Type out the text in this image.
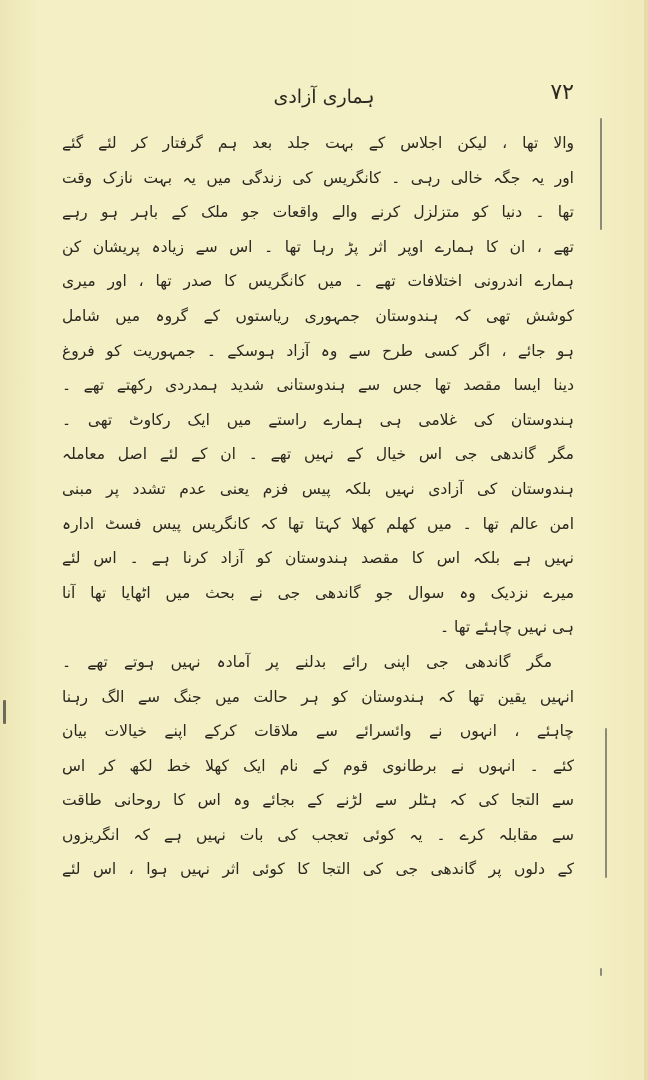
ہماری آزادی	۷۲
والا تھا ، لیکن اجلاس کے بہت جلد بعد ہم گرفتار کر لئے گئے
اور یہ جگہ خالی رہی ۔ کانگریس کی زندگی میں یہ بہت نازک وقت
تھا ۔ دنیا کو متزلزل کرنے والے واقعات جو ملک کے باہر ہو رہے
تھے ، ان کا ہمارے اوپر اثر پڑ رہا تھا ۔ اس سے زیادہ پریشان کن
ہمارے اندرونی اختلافات تھے ۔ میں کانگریس کا صدر تھا ، اور میری
کوشش تھی کہ ہندوستان جمہوری ریاستوں کے گروہ میں شامل
ہو جائے ، اگر کسی طرح سے وہ آزاد ہوسکے ۔ جمہوریت کو فروغ
دینا ایسا مقصد تھا جس سے ہندوستانی شدید ہمدردی رکھتے تھے ۔
ہندوستان کی غلامی ہی ہمارے راستے میں ایک رکاوٹ تھی ۔
مگر گاندھی جی اس خیال کے نہیں تھے ۔ ان کے لئے اصل معاملہ
ہندوستان کی آزادی نہیں بلکہ پیس فزم یعنی عدم تشدد پر مبنی
امن عالم تھا ۔ میں کھلم کھلا کہتا تھا کہ کانگریس پیس فسٹ ادارہ
نہیں ہے بلکہ اس کا مقصد ہندوستان کو آزاد کرنا ہے ۔ اس لئے
میرے نزدیک وہ سوال جو گاندھی جی نے بحث میں اٹھایا تھا آنا
ہی نہیں چاہئے تھا ۔
مگر گاندھی جی اپنی رائے بدلنے پر آمادہ نہیں ہوتے تھے ۔
انہیں یقین تھا کہ ہندوستان کو ہر حالت میں جنگ سے الگ رہنا
چاہئے ، انہوں نے وائسرائے سے ملاقات کرکے اپنے خیالات بیان
کئے ۔ انہوں نے برطانوی قوم کے نام ایک کھلا خط لکھ کر اس
سے التجا کی کہ ہٹلر سے لڑنے کے بجائے وہ اس کا روحانی طاقت
سے مقابلہ کرے ۔ یہ کوئی تعجب کی بات نہیں ہے کہ انگریزوں
کے دلوں پر گاندھی جی کی التجا کا کوئی اثر نہیں ہوا ، اس لئے
